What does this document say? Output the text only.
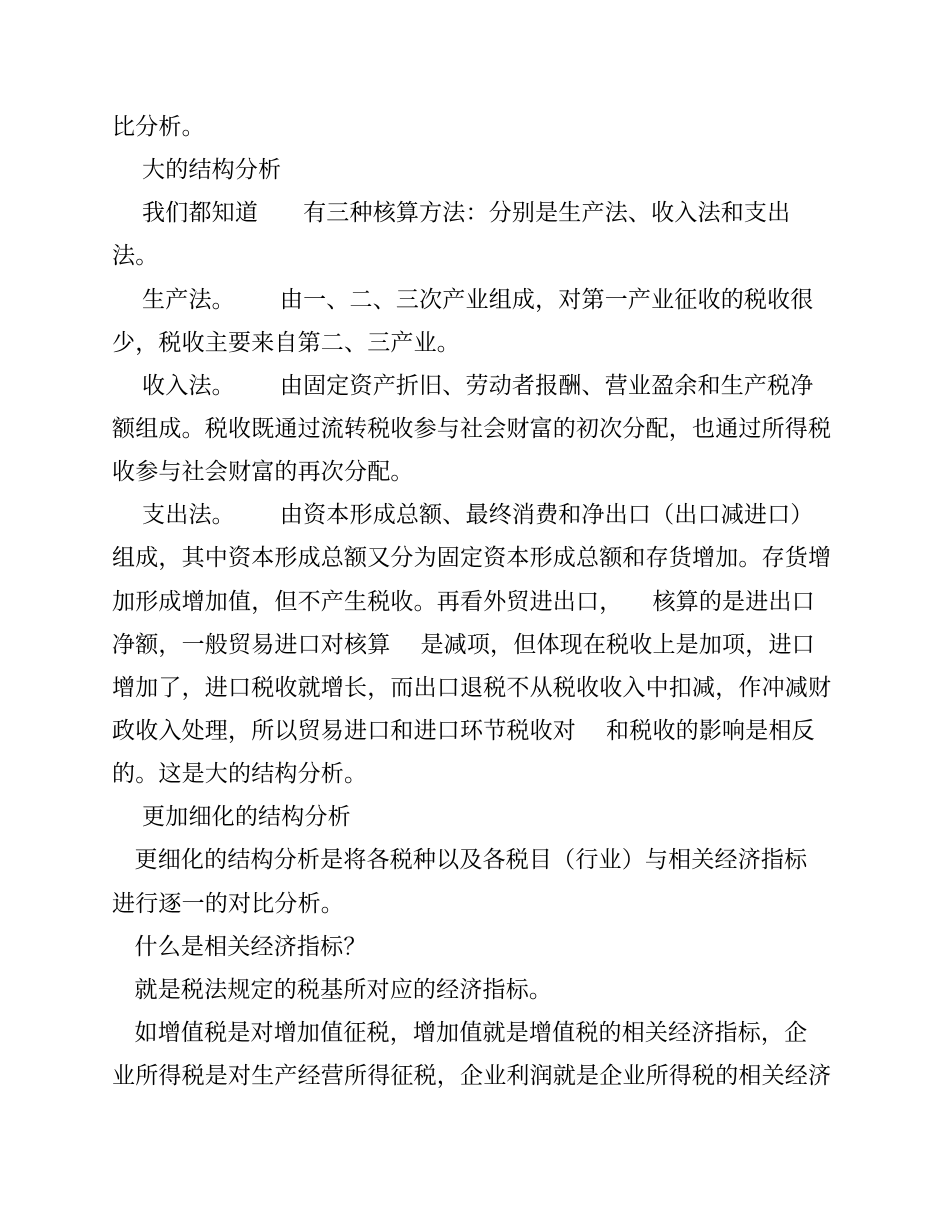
比分析。
大的结构分析
我们都知道      有三种核算方法：分别是生产法、收入法和支出
法。
生产法。      由一、二、三次产业组成，对第一产业征收的税收很
少，税收主要来自第二、三产业。
收入法。      由固定资产折旧、劳动者报酬、营业盈余和生产税净
额组成。税收既通过流转税收参与社会财富的初次分配，也通过所得税
收参与社会财富的再次分配。
支出法。      由资本形成总额、最终消费和净出口（出口减进口）
组成，其中资本形成总额又分为固定资本形成总额和存货增加。存货增
加形成增加值，但不产生税收。再看外贸进出口，    核算的是进出口
净额，一般贸易进口对核算    是减项，但体现在税收上是加项，进口
增加了，进口税收就增长，而出口退税不从税收收入中扣减，作冲减财
政收入处理，所以贸易进口和进口环节税收对    和税收的影响是相反
的。这是大的结构分析。
更加细化的结构分析
更细化的结构分析是将各税种以及各税目（行业）与相关经济指标
进行逐一的对比分析。
什么是相关经济指标？
就是税法规定的税基所对应的经济指标。
如增值税是对增加值征税，增加值就是增值税的相关经济指标，企
业所得税是对生产经营所得征税，企业利润就是企业所得税的相关经济
